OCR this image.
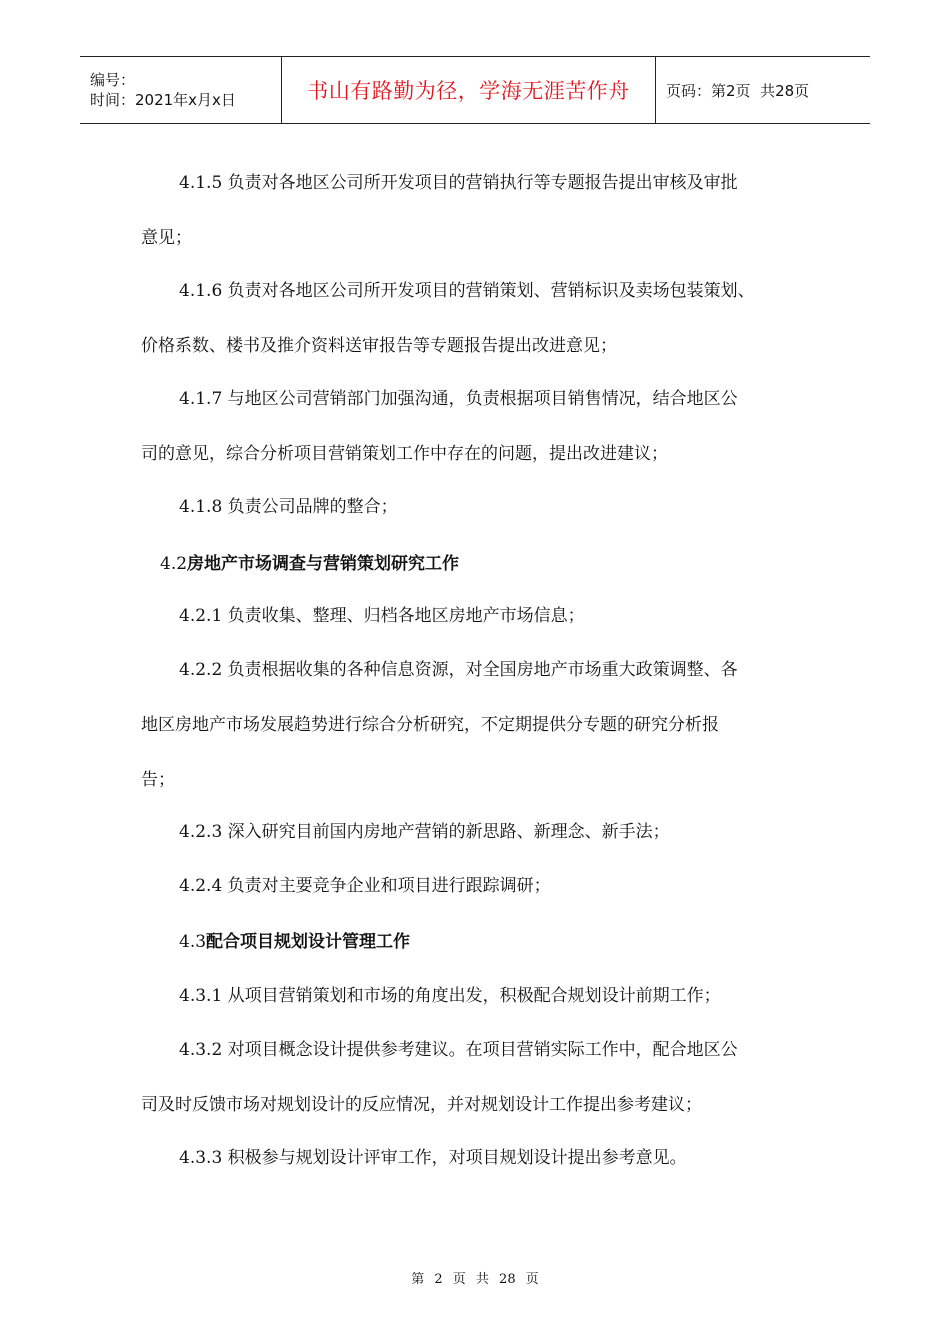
编号：
时间：2021年x月x日	书山有路勤为径，学海无涯苦作舟	页码：第2页  共28页
4.1.5 负责对各地区公司所开发项目的营销执行等专题报告提出审核及审批
意见；
4.1.6 负责对各地区公司所开发项目的营销策划、营销标识及卖场包装策划、
价格系数、楼书及推介资料送审报告等专题报告提出改进意见；
4.1.7 与地区公司营销部门加强沟通，负责根据项目销售情况，结合地区公
司的意见，综合分析项目营销策划工作中存在的问题，提出改进建议；
4.1.8 负责公司品牌的整合；
4.2房地产市场调查与营销策划研究工作
4.2.1 负责收集、整理、归档各地区房地产市场信息；
4.2.2 负责根据收集的各种信息资源，对全国房地产市场重大政策调整、各
地区房地产市场发展趋势进行综合分析研究，不定期提供分专题的研究分析报
告；
4.2.3 深入研究目前国内房地产营销的新思路、新理念、新手法；
4.2.4 负责对主要竞争企业和项目进行跟踪调研；
4.3配合项目规划设计管理工作
4.3.1 从项目营销策划和市场的角度出发，积极配合规划设计前期工作；
4.3.2 对项目概念设计提供参考建议。在项目营销实际工作中，配合地区公
司及时反馈市场对规划设计的反应情况，并对规划设计工作提出参考建议；
4.3.3 积极参与规划设计评审工作，对项目规划设计提出参考意见。
第 2 页 共 28 页
